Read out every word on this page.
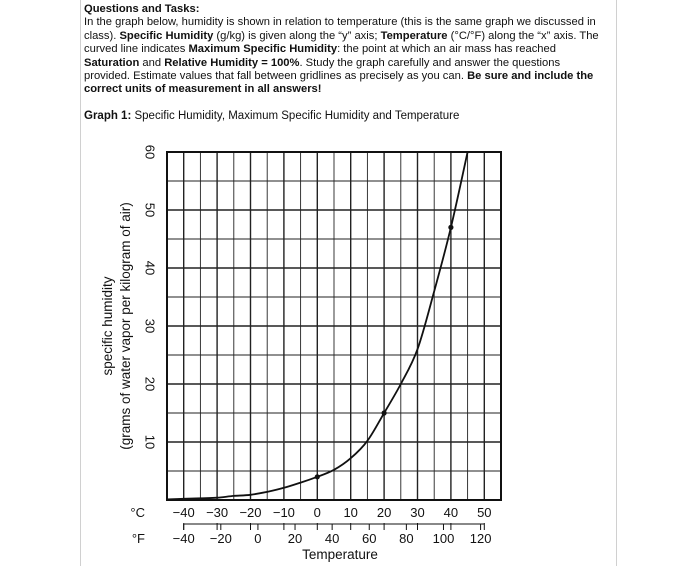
Questions and Tasks:

In the graph below, humidity is shown in relation to temperature (this is the same graph we discussed in class). Specific Humidity (g/kg) is given along the “y” axis; Temperature (°C/°F) along the “x” axis. The curved line indicates Maximum Specific Humidity: the point at which an air mass has reached Saturation and Relative Humidity = 100%. Study the graph carefully and answer the questions provided. Estimate values that fall between gridlines as precisely as you can. Be sure and include the correct units of measurement in all answers!

Graph 1: Specific Humidity, Maximum Specific Humidity and Temperature
10
20
30
40
50
60
specific humidity (grams of water vapor per kilogram of air)
°C −40 −30 −20 −10 0 10 20 30 40 50
°F −40 −20 0 20 40 60 80 100 120
Temperature
